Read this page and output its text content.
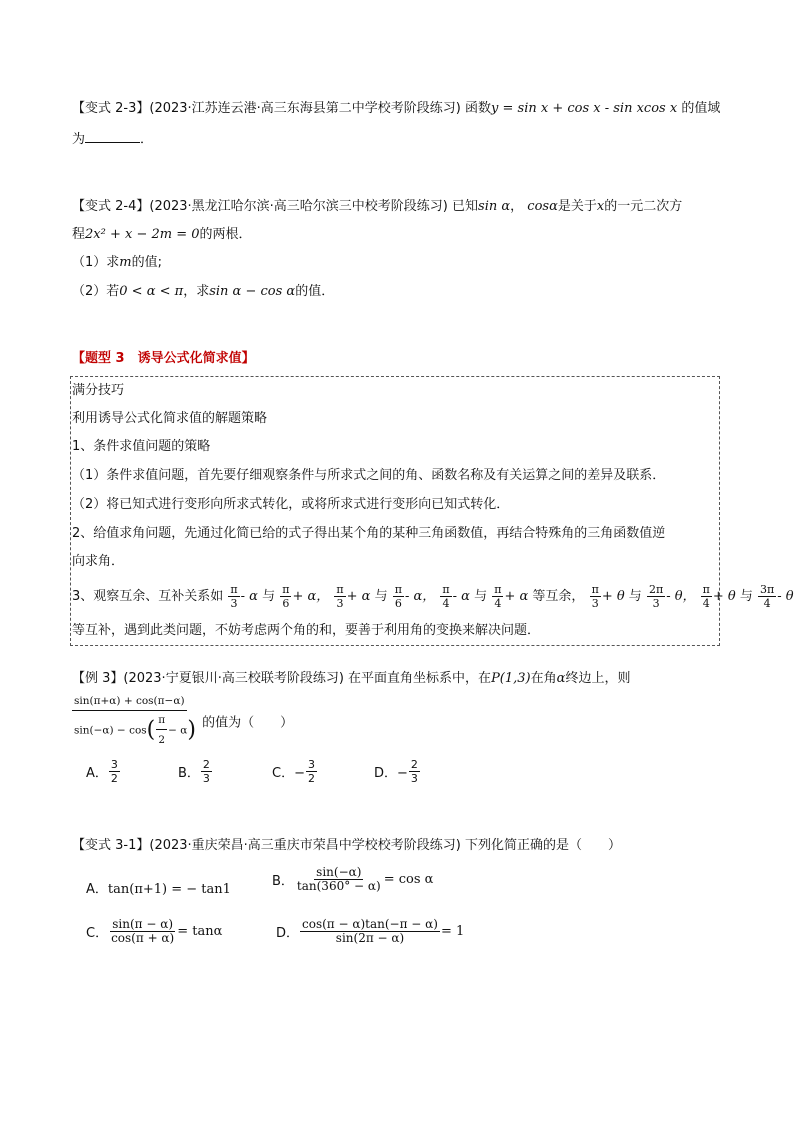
【变式 2-3】(2023·江苏连云港·高三东海县第二中学校考阶段练习) 函数y = sin x + cos x - sin xcos x 的值域
为	．
【变式 2-4】(2023·黑龙江哈尔滨·高三哈尔滨三中校考阶段练习) 已知sin α， cosα是关于x的一元二次方
程2x² + x − 2m = 0的两根．
（1）求m的值;
（2）若0 < α < π，求sin α − cos α的值．
【题型 3　诱导公式化简求值】
满分技巧
利用诱导公式化简求值的解题策略
1、条件求值问题的策略
（1）条件求值问题，首先要仔细观察条件与所求式之间的角、函数名称及有关运算之间的差异及联系．
（2）将已知式进行变形向所求式转化，或将所求式进行变形向已知式转化．
2、给值求角问题，先通过化简已给的式子得出某个角的某种三角函数值，再结合特殊角的三角函数值逆
向求角．
3、观察互余、互补关系如 $\frac{\pi}{3}$ - α 与 $\frac{\pi}{6} + \alpha$， $\frac{\pi}{3} + \alpha$ 与 $\frac{\pi}{6}$ - α， $\frac{\pi}{4}$ - α 与 $\frac{\pi}{4} + \alpha$ 等互余， $\frac{\pi}{3} + \theta$ 与 $\frac{2\pi}{3}$ - θ， $\frac{\pi}{4} + \theta$ 与 $\frac{3\pi}{4}$ - θ
等互补，遇到此类问题，不妨考虑两个角的和，要善于利用角的变换来解决问题．
【例 3】(2023·宁夏银川·高三校联考阶段练习) 在平面直角坐标系中，在P(1,3)在角α终边上，则
$\frac{\sin(\pi+\alpha) + \cos(\pi-\alpha)}{\sin(-\alpha) - \cos( \frac{\pi}{2} - \alpha)}$ 的值为（　　）
A． $\frac{3}{2}$	B． $\frac{2}{3}$	C．− $\frac{3}{2}$	D．− $\frac{2}{3}$
【变式 3-1】(2023·重庆荣昌·高三重庆市荣昌中学校校考阶段练习) 下列化简正确的是（　　）
A．tan(π+1) = − tan1
B． $\frac{\sin(-\alpha)}{\tan(360^\circ - \alpha)} = \cos \alpha$
C． $\frac{\sin(\pi - \alpha)}{\cos(\pi + \alpha)} = \tan\alpha$	D． $\frac{\cos(\pi - \alpha)\tan(-\pi - \alpha)}{\sin(2\pi - \alpha)} = 1$
